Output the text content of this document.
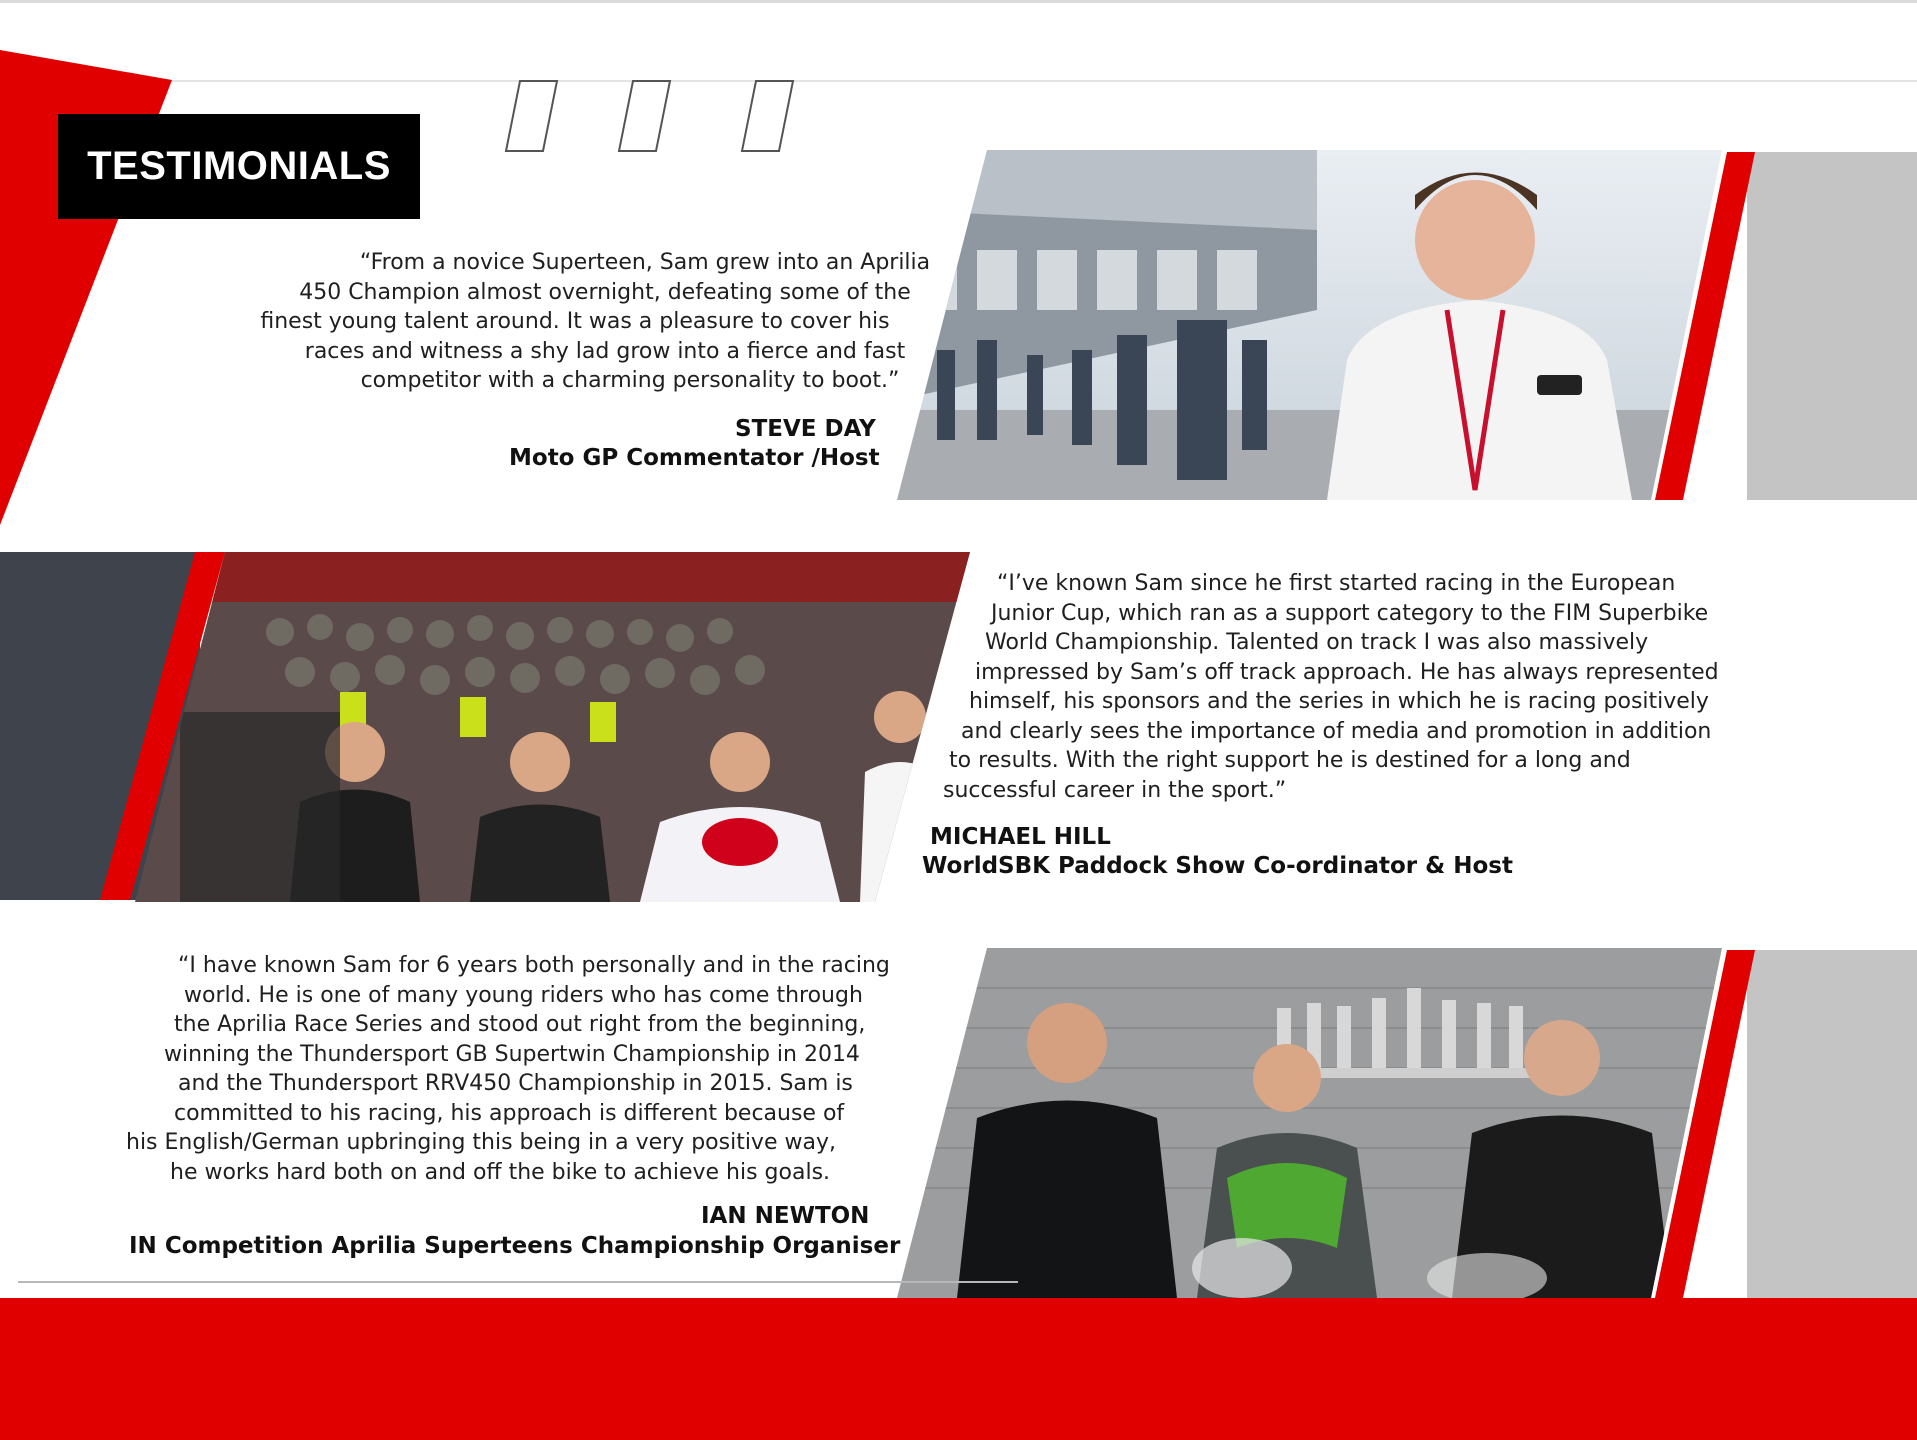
TESTIMONIALS
“From a novice Superteen, Sam grew into an Aprilia
450 Champion almost overnight, defeating some of the
finest young talent around. It was a pleasure to cover his
races and witness a shy lad grow into a fierce and fast
competitor with a charming personality to boot.”
STEVE DAY
Moto GP Commentator /Host
“I’ve known Sam since he first started racing in the European
Junior Cup, which ran as a support category to the FIM Superbike
World Championship. Talented on track I was also massively
impressed by Sam’s off track approach. He has always represented
himself, his sponsors and the series in which he is racing positively
and clearly sees the importance of media and promotion in addition
to results. With the right support he is destined for a long and
successful career in the sport.”
MICHAEL HILL
WorldSBK Paddock Show Co-ordinator & Host
“I have known Sam for 6 years both personally and in the racing
world. He is one of many young riders who has come through
the Aprilia Race Series and stood out right from the beginning,
winning the Thundersport GB Supertwin Championship in 2014
and the Thundersport RRV450 Championship in 2015. Sam is
committed to his racing, his approach is different because of
his English/German upbringing this being in a very positive way,
he works hard both on and off the bike to achieve his goals.
IAN NEWTON
IN Competition Aprilia Superteens Championship Organiser
